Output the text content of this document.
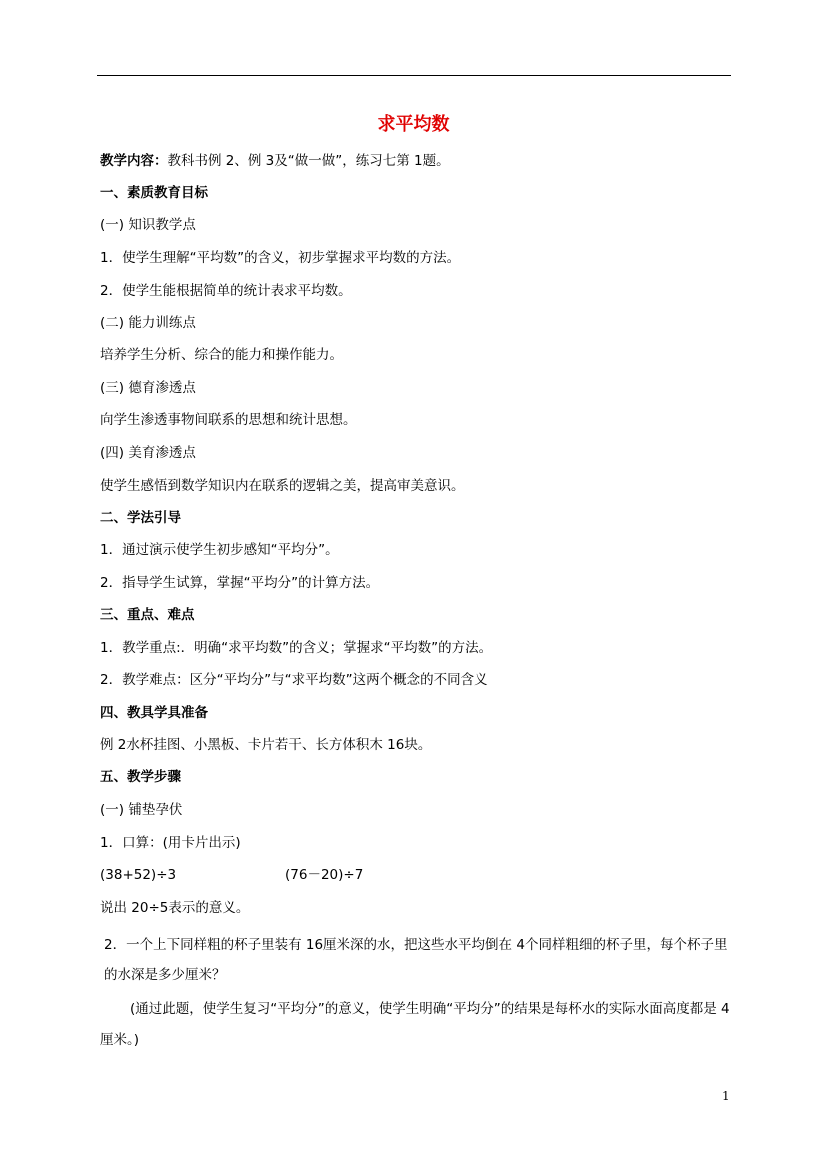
求平均数
教学内容：教科书例 2、例 3及“做一做”，练习七第 1题。
一、素质教育目标
(一) 知识教学点
1．使学生理解“平均数”的含义，初步掌握求平均数的方法。
2．使学生能根据简单的统计表求平均数。
(二) 能力训练点
培养学生分析、综合的能力和操作能力。
(三) 德育渗透点
向学生渗透事物间联系的思想和统计思想。
(四) 美育渗透点
使学生感悟到数学知识内在联系的逻辑之美，提高审美意识。
二、学法引导
1．通过演示使学生初步感知“平均分”。
2．指导学生试算，掌握“平均分”的计算方法。
三、重点、难点
1．教学重点:．明确“求平均数”的含义；掌握求“平均数”的方法。
2．教学难点：区分“平均分”与“求平均数”这两个概念的不同含义
四、教具学具准备
例 2水杯挂图、小黑板、卡片若干、长方体积木 16块。
五、教学步骤
(一) 铺垫孕伏
1．口算：(用卡片出示)
(38+52)÷3	(76－20)÷7
说出 20÷5表示的意义。
2．一个上下同样粗的杯子里装有 16厘米深的水，把这些水平均倒在 4个同样粗细的杯子里，每个杯子里的水深是多少厘米？
(通过此题，使学生复习“平均分”的意义，使学生明确“平均分”的结果是每杯水的实际水面高度都是 4厘米。)
1
